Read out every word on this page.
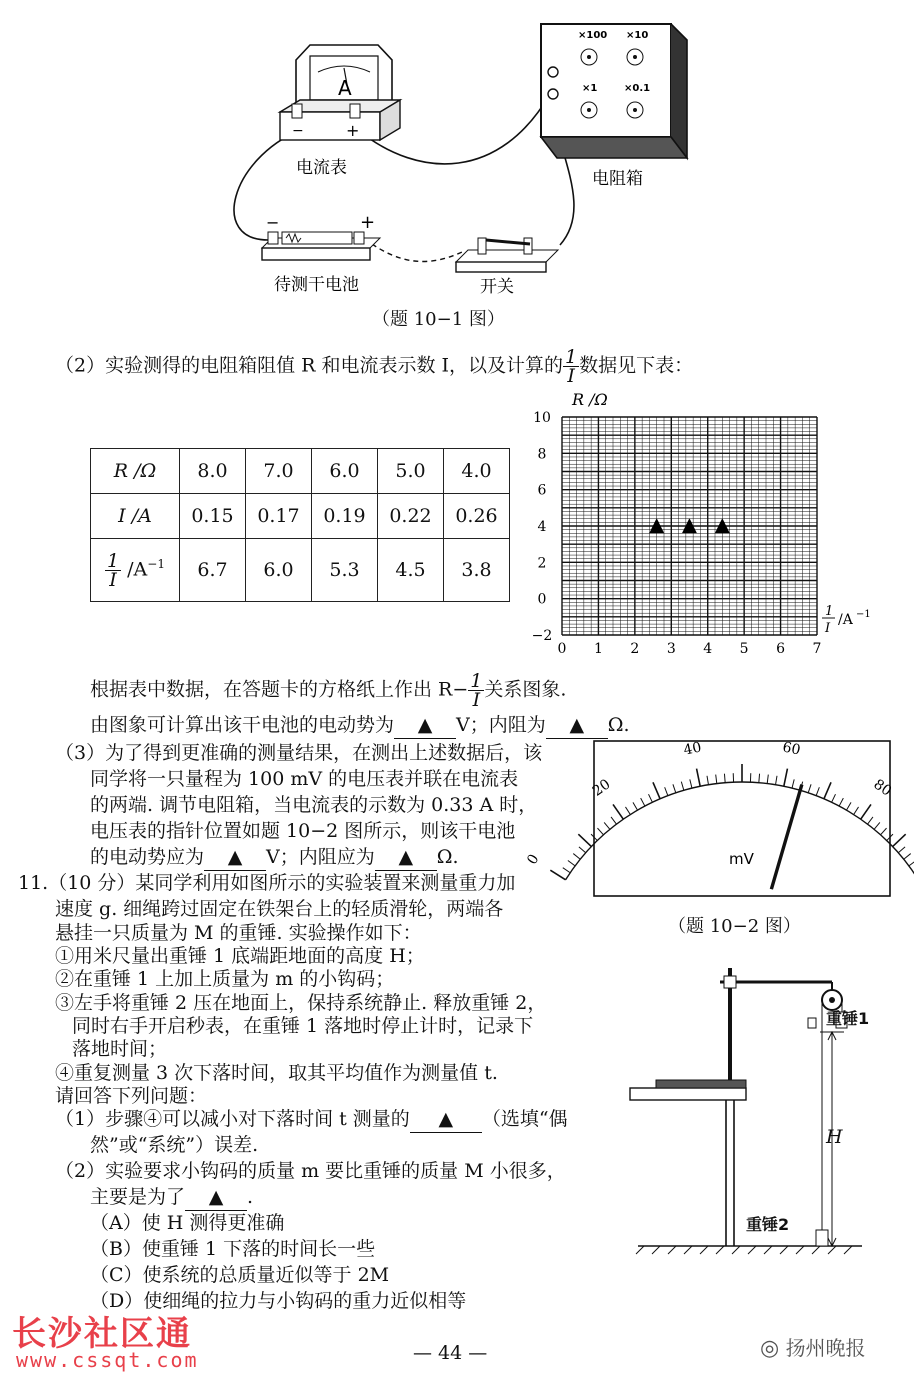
A
−	+
电流表
×100 ×10
×1	×0.1
电阻箱
−	+
待测干电池	开关
（题 10−1 图）
（2）实验测得的电阻箱阻值 R 和电流表示数 I，以及计算的 $\frac{1}{I}$ 数据见下表：
R /Ω	8.0	7.0	6.0	5.0	4.0
I /A	0.15	0.17	0.19	0.22	0.26

$\frac{1}{I} /A^{-1}$	6.7	6.0	5.3	4.5	3.8
10
8
6
4
2
0
−2
0 1 2 3 4 5 6 7
▲ ▲ ▲
R /Ω
1
I
/A −1
根据表中数据，在答题卡的方格纸上作出 $R- \frac{1}{I}$ 关系图象.
由图象可计算出该干电池的电动势为 ▲ V；内阻为 ▲ Ω.
（3）为了得到更准确的测量结果，在测出上述数据后，该
同学将一只量程为 100 mV 的电压表并联在电流表
的两端. 调节电阻箱，当电流表的示数为 0.33 A 时，
电压表的指针位置如题 10−2 图所示，则该干电池
的电动势应为 ▲ V；内阻应为 ▲ Ω.	0
20
40	60
80
mV
（题 10−2 图）
11.（10 分）某同学利用如图所示的实验装置来测量重力加
速度 g. 细绳跨过固定在铁架台上的轻质滑轮，两端各
悬挂一只质量为 M 的重锤. 实验操作如下：
①用米尺量出重锤 1 底端距地面的高度 H；
②在重锤 1 上加上质量为 m 的小钩码；
③左手将重锤 2 压在地面上，保持系统静止. 释放重锤 2，
同时右手开启秒表，在重锤 1 落地时停止计时，记录下
落地时间；
④重复测量 3 次下落时间，取其平均值作为测量值 t.
请回答下列问题：
（1）步骤④可以减小对下落时间 t 测量的 ▲ （选填“偶
然”或“系统”）误差.
（2）实验要求小钩码的质量 m 要比重锤的质量 M 小很多，
主要是为了 ▲ .
（A）使 H 测得更准确
（B）使重锤 1 下落的时间长一些
（C）使系统的总质量近似等于 2M
（D）使细绳的拉力与小钩码的重力近似相等
重锤1
重锤2
H
— 44 —
长沙社区通
www.cssqt.com	◎ 扬州晚报
